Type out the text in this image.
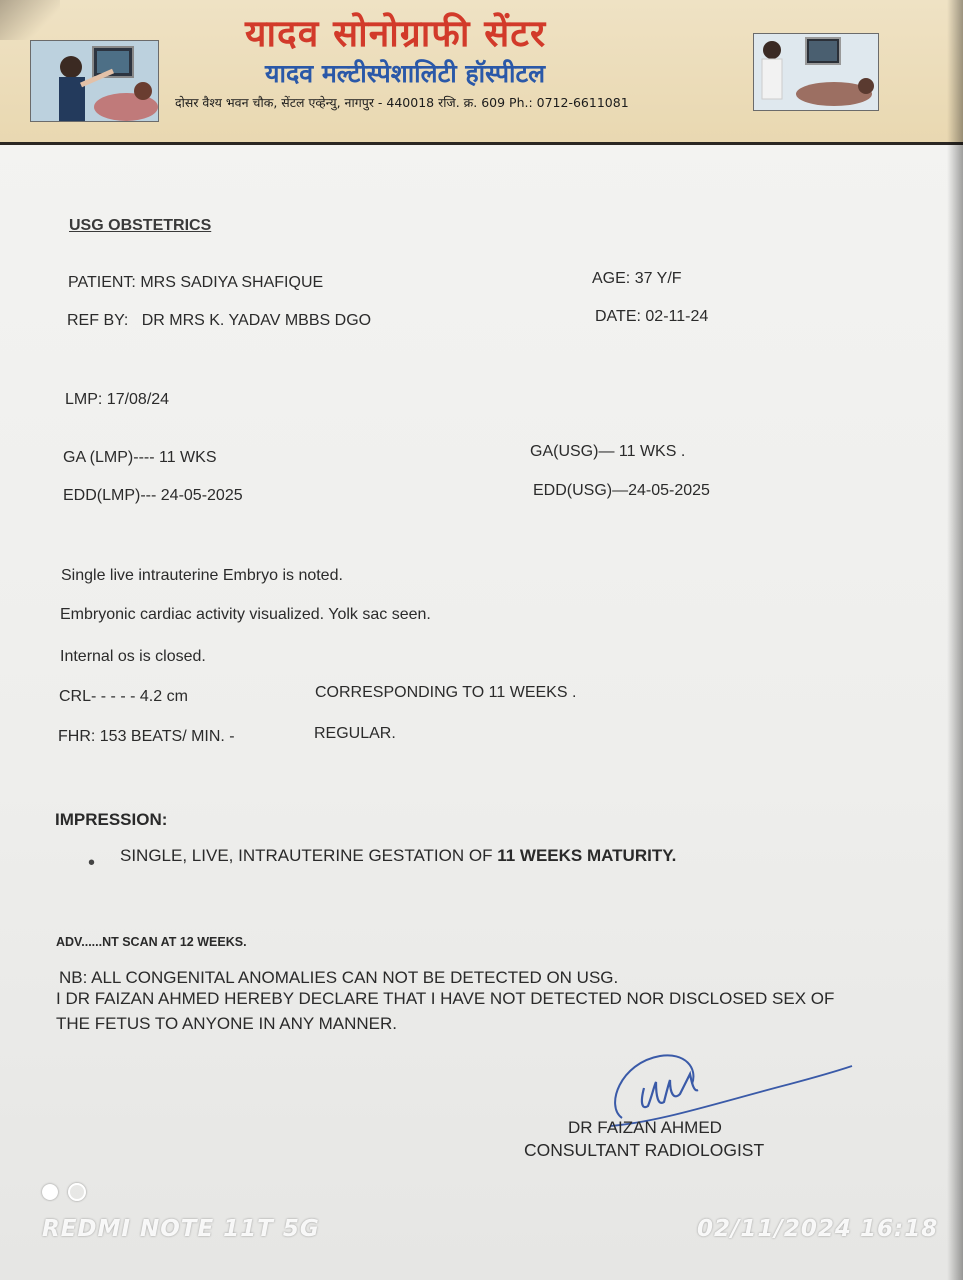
यादव सोनोग्राफी सेंटर
यादव मल्टीस्पेशालिटी हॉस्पीटल
दोसर वैश्य भवन चौक, सेंटल एव्हेन्यु, नागपुर - 440018 रजि. क्र. 609 Ph.: 0712-6611081
USG OBSTETRICS
PATIENT: MRS SADIYA SHAFIQUE	AGE: 37 Y/F
REF BY: DR MRS K. YADAV MBBS DGO	DATE: 02-11-24
LMP: 17/08/24
GA (LMP)---- 11 WKS	GA(USG)— 11 WKS .
EDD(LMP)--- 24-05-2025	EDD(USG)—24-05-2025
Single live intrauterine Embryo is noted.
Embryonic cardiac activity visualized. Yolk sac seen.
Internal os is closed.
CRL- - - - - 4.2 cm	CORRESPONDING TO 11 WEEKS .
FHR: 153 BEATS/ MIN. -	REGULAR.
IMPRESSION:
• SINGLE, LIVE, INTRAUTERINE GESTATION OF 11 WEEKS MATURITY.
ADV......NT SCAN AT 12 WEEKS.
NB: ALL CONGENITAL ANOMALIES CAN NOT BE DETECTED ON USG.
I DR FAIZAN AHMED HEREBY DECLARE THAT I HAVE NOT DETECTED NOR DISCLOSED SEX OF
THE FETUS TO ANYONE IN ANY MANNER.
DR FAIZAN AHMED
CONSULTANT RADIOLOGIST
REDMI NOTE 11T 5G	02/11/2024 16:18
